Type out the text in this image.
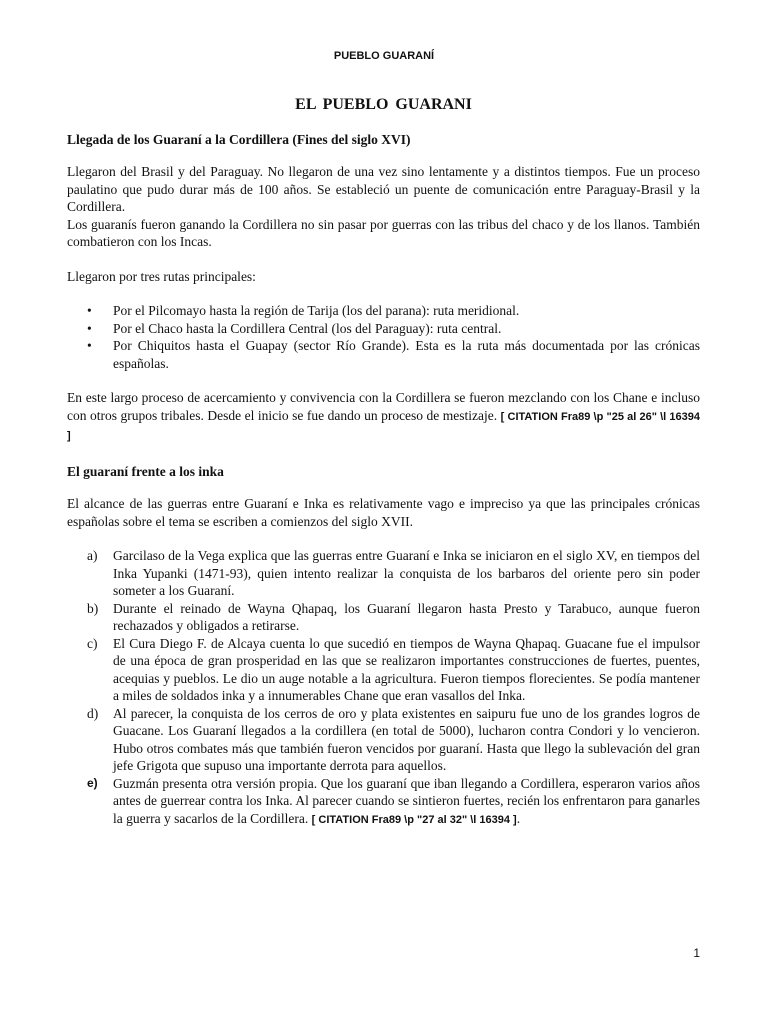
PUEBLO GUARANÍ
EL PUEBLO GUARANI
Llegada de los Guaraní a la Cordillera (Fines del siglo XVI)

Llegaron del Brasil y del Paraguay. No llegaron de una vez sino lentamente y a distintos tiempos. Fue un proceso paulatino que pudo durar más de 100 años. Se estableció un puente de comunicación entre Paraguay-Brasil y la Cordillera.

Los guaranís fueron ganando la Cordillera no sin pasar por guerras con las tribus del chaco y de los llanos. También combatieron con los Incas.

Llegaron por tres rutas principales:

• Por el Pilcomayo hasta la región de Tarija (los del parana): ruta meridional.
• Por el Chaco hasta la Cordillera Central (los del Paraguay): ruta central.
• Por Chiquitos hasta el Guapay (sector Río Grande). Esta es la ruta más documentada por las crónicas españolas.

En este largo proceso de acercamiento y convivencia con la Cordillera se fueron mezclando con los Chane e incluso con otros grupos tribales. Desde el inicio se fue dando un proceso de mestizaje. [ CITATION Fra89 \p "25 al 26" \l 16394 ]

El guaraní frente a los inka

El alcance de las guerras entre Guaraní e Inka es relativamente vago e impreciso ya que las principales crónicas españolas sobre el tema se escriben a comienzos del siglo XVII.

a) Garcilaso de la Vega explica que las guerras entre Guaraní e Inka se iniciaron en el siglo XV, en tiempos del Inka Yupanki (1471-93), quien intento realizar la conquista de los barbaros del oriente pero sin poder someter a los Guaraní.
b) Durante el reinado de Wayna Qhapaq, los Guaraní llegaron hasta Presto y Tarabuco, aunque fueron rechazados y obligados a retirarse.
c) El Cura Diego F. de Alcaya cuenta lo que sucedió en tiempos de Wayna Qhapaq. Guacane fue el impulsor de una época de gran prosperidad en las que se realizaron importantes construcciones de fuertes, puentes, acequias y pueblos. Le dio un auge notable a la agricultura. Fueron tiempos florecientes. Se podía mantener a miles de soldados inka y a innumerables Chane que eran vasallos del Inka.
d) Al parecer, la conquista de los cerros de oro y plata existentes en saipuru fue uno de los grandes logros de Guacane. Los Guaraní llegados a la cordillera (en total de 5000), lucharon contra Condori y lo vencieron. Hubo otros combates más que también fueron vencidos por guaraní. Hasta que llego la sublevación del gran jefe Grigota que supuso una importante derrota para aquellos.
e) Guzmán presenta otra versión propia. Que los guaraní que iban llegando a Cordillera, esperaron varios años antes de guerrear contra los Inka. Al parecer cuando se sintieron fuertes, recién los enfrentaron para ganarles la guerra y sacarlos de la Cordillera. [ CITATION Fra89 \p "27 al 32" \l 16394 ].
1
